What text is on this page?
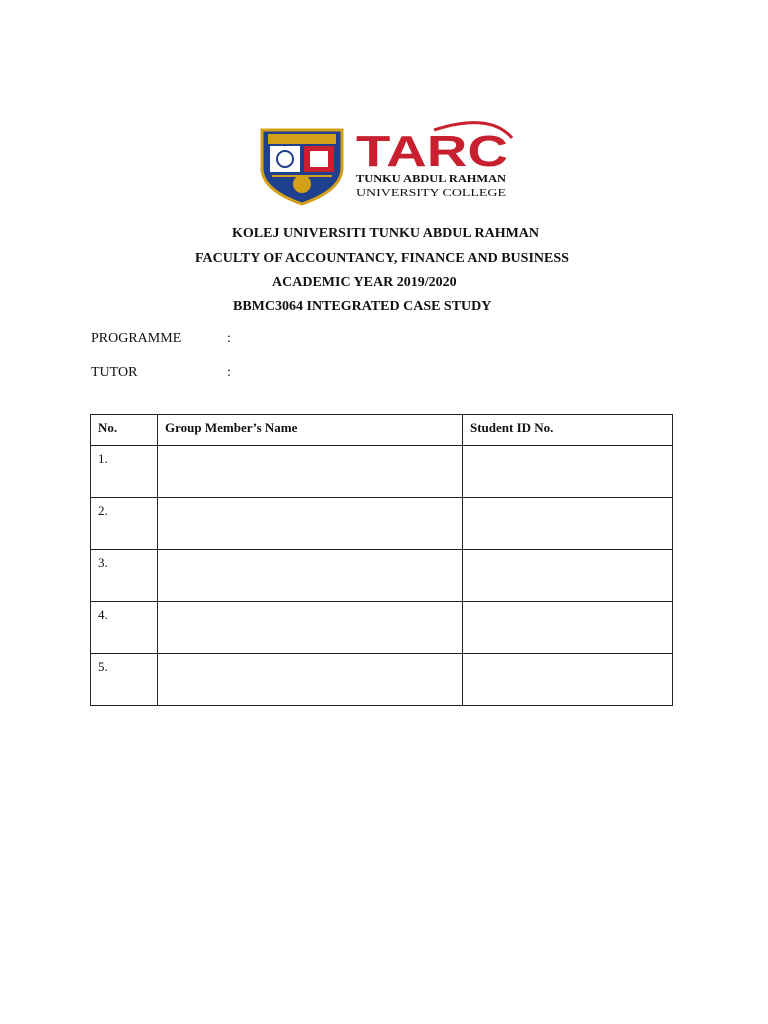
TARC
TUNKU ABDUL RAHMAN
UNIVERSITY COLLEGE
KOLEJ UNIVERSITI TUNKU ABDUL RAHMAN
FACULTY OF ACCOUNTANCY, FINANCE AND BUSINESS
ACADEMIC YEAR 2019/2020
BBMC3064 INTEGRATED CASE STUDY
PROGRAMME	:
TUTOR	:
No.	Group Member’s Name	Student ID No.
1.		
2.		
3.		
4.		
5.		
